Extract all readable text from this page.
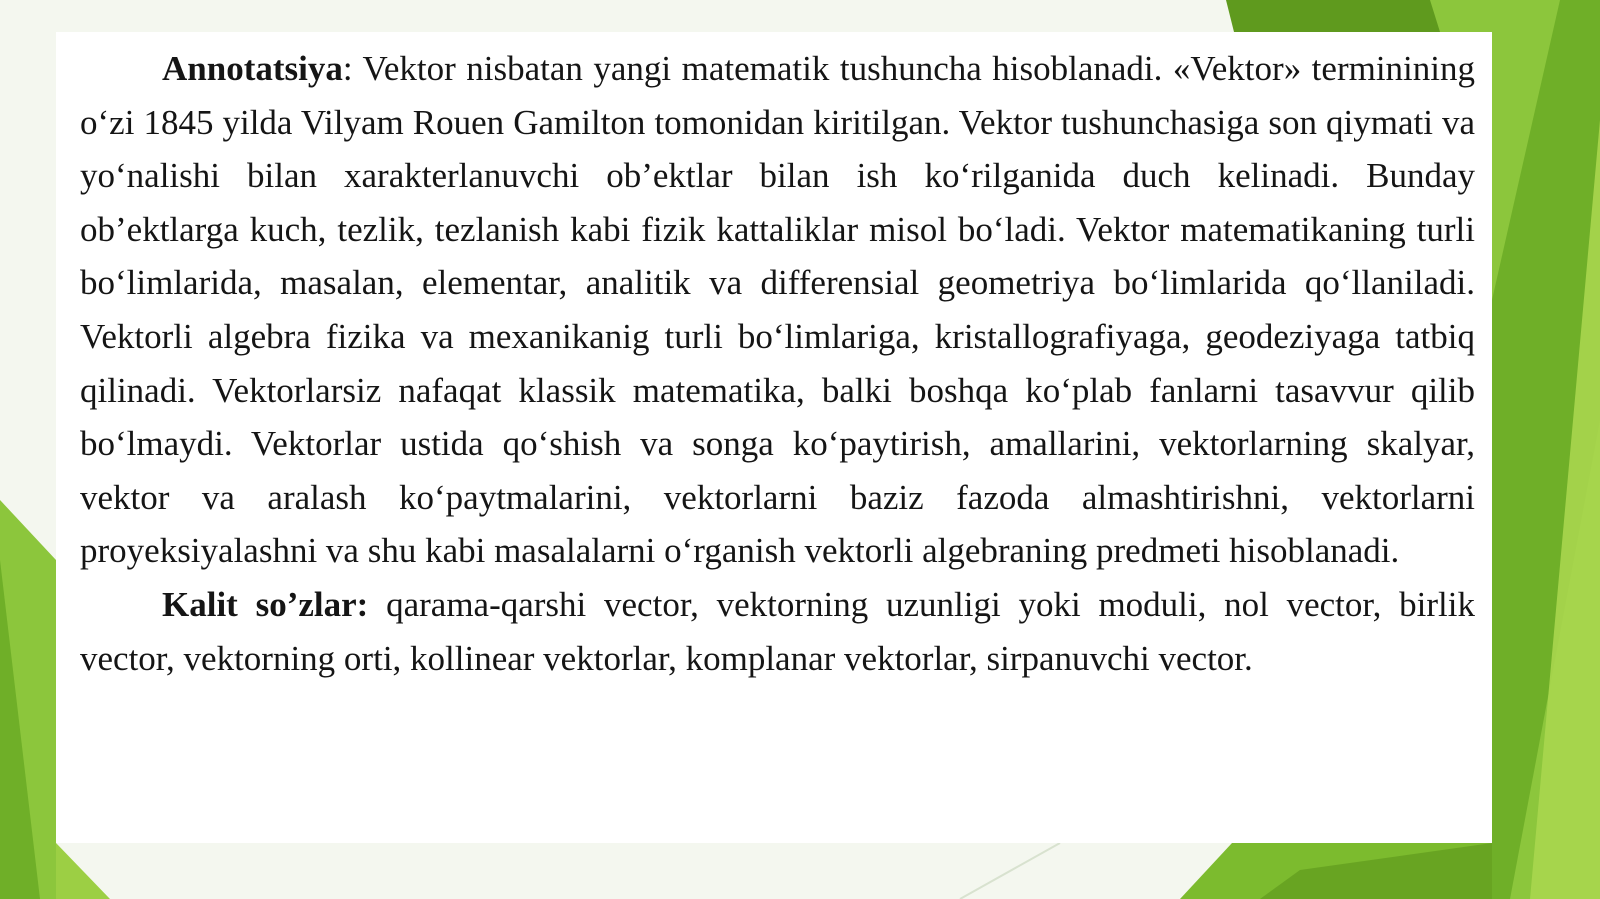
Annotatsiya: Vektor nisbatan yangi matematik tushuncha hisoblanadi. «Vektor» terminining o‘zi 1845 yilda Vilyam Rouen Gamilton tomonidan kiritilgan. Vektor tushunchasiga son qiymati va yo‘nalishi bilan xarakterlanuvchi ob’ektlar bilan ish ko‘rilganida duch kelinadi. Bunday ob’ektlarga kuch, tezlik, tezlanish kabi fizik kattaliklar misol bo‘ladi. Vektor matematikaning turli bo‘limlarida, masalan, elementar, analitik va differensial geometriya bo‘limlarida qo‘llaniladi. Vektorli algebra fizika va mexanikanig turli bo‘limlariga, kristallografiyaga, geodeziyaga tatbiq qilinadi. Vektorlarsiz nafaqat klassik matematika, balki boshqa ko‘plab fanlarni tasavvur qilib bo‘lmaydi. Vektorlar ustida qo‘shish va songa ko‘paytirish, amallarini, vektorlarning skalyar, vektor va aralash ko‘paytmalarini, vektorlarni baziz fazoda almashtirishni, vektorlarni proyeksiyalashni va shu kabi masalalarni o‘rganish vektorli algebraning predmeti hisoblanadi.

Kalit so’zlar: qarama-qarshi vector, vektorning uzunligi yoki moduli, nol vector, birlik vector, vektorning orti, kollinear vektorlar, komplanar vektorlar, sirpanuvchi vector.
